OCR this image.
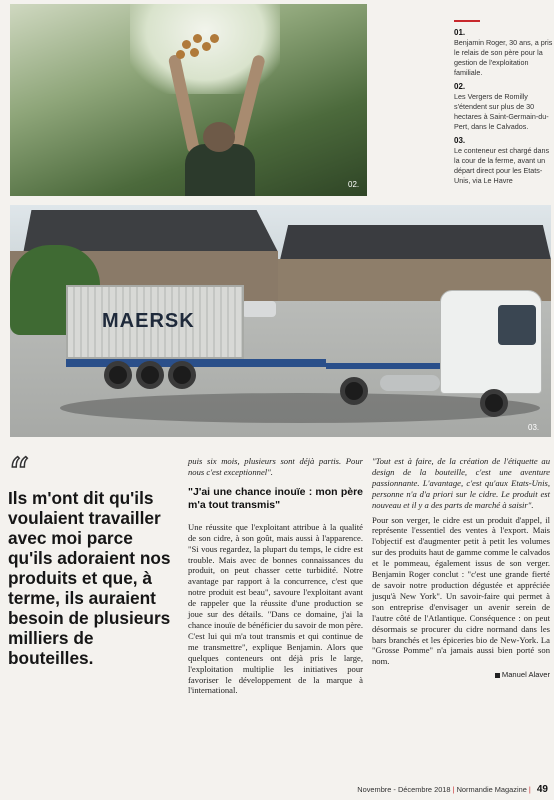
02.
01.
Benjamin Roger, 30 ans, a pris le relais de son père pour la gestion de l'exploitation familiale.
02.
Les Vergers de Romilly s'étendent sur plus de 30 hectares à Saint-Germain-du-Pert, dans le Calvados.
03.
Le conteneur est chargé dans la cour de la ferme, avant un départ direct pour les Etats-Unis, via Le Havre
MAERSK
03.
“
Ils m'ont dit qu'ils voulaient travailler avec moi parce qu'ils adoraient nos produits et que, à terme, ils auraient besoin de plusieurs milliers de bouteilles.

puis six mois, plusieurs sont déjà partis. Pour nous c'est exceptionnel".

"J'ai une chance inouïe : mon père m'a tout transmis"

Une réussite que l'exploitant attribue à la qualité de son cidre, à son goût, mais aussi à l'apparence. "Si vous regardez, la plupart du temps, le cidre est trouble. Mais avec de bonnes connaissances du produit, on peut chasser cette turbidité. Notre avantage par rapport à la concurrence, c'est que notre produit est beau", savoure l'exploitant avant de rappeler que la réussite d'une production se joue sur des détails. "Dans ce domaine, j'ai la chance inouïe de bénéficier du savoir de mon père. C'est lui qui m'a tout transmis et qui continue de me transmettre", explique Benjamin. Alors que quelques conteneurs ont déjà pris le large, l'exploitation multiplie les initiatives pour favoriser le développement de la marque à l'international.

"Tout est à faire, de la création de l'étiquette au design de la bouteille, c'est une aventure passionnante. L'avantage, c'est qu'aux Etats-Unis, personne n'a d'a priori sur le cidre. Le produit est nouveau et il y a des parts de marché à saisir".

Pour son verger, le cidre est un produit d'appel, il représente l'essentiel des ventes à l'export. Mais l'objectif est d'augmenter petit à petit les volumes sur des produits haut de gamme comme le calvados et le pommeau, également issus de son verger. Benjamin Roger conclut : "c'est une grande fierté de savoir notre production dégustée et appréciée jusqu'à New York". Un savoir-faire qui permet à son entreprise d'envisager un avenir serein de l'autre côté de l'Atlantique. Conséquence : on peut désormais se procurer du cidre normand dans les bars branchés et les épiceries bio de New-York. La "Grosse Pomme" n'a jamais aussi bien porté son nom.

Manuel Alaver
Novembre - Décembre 2018 | Normandie Magazine | 49
